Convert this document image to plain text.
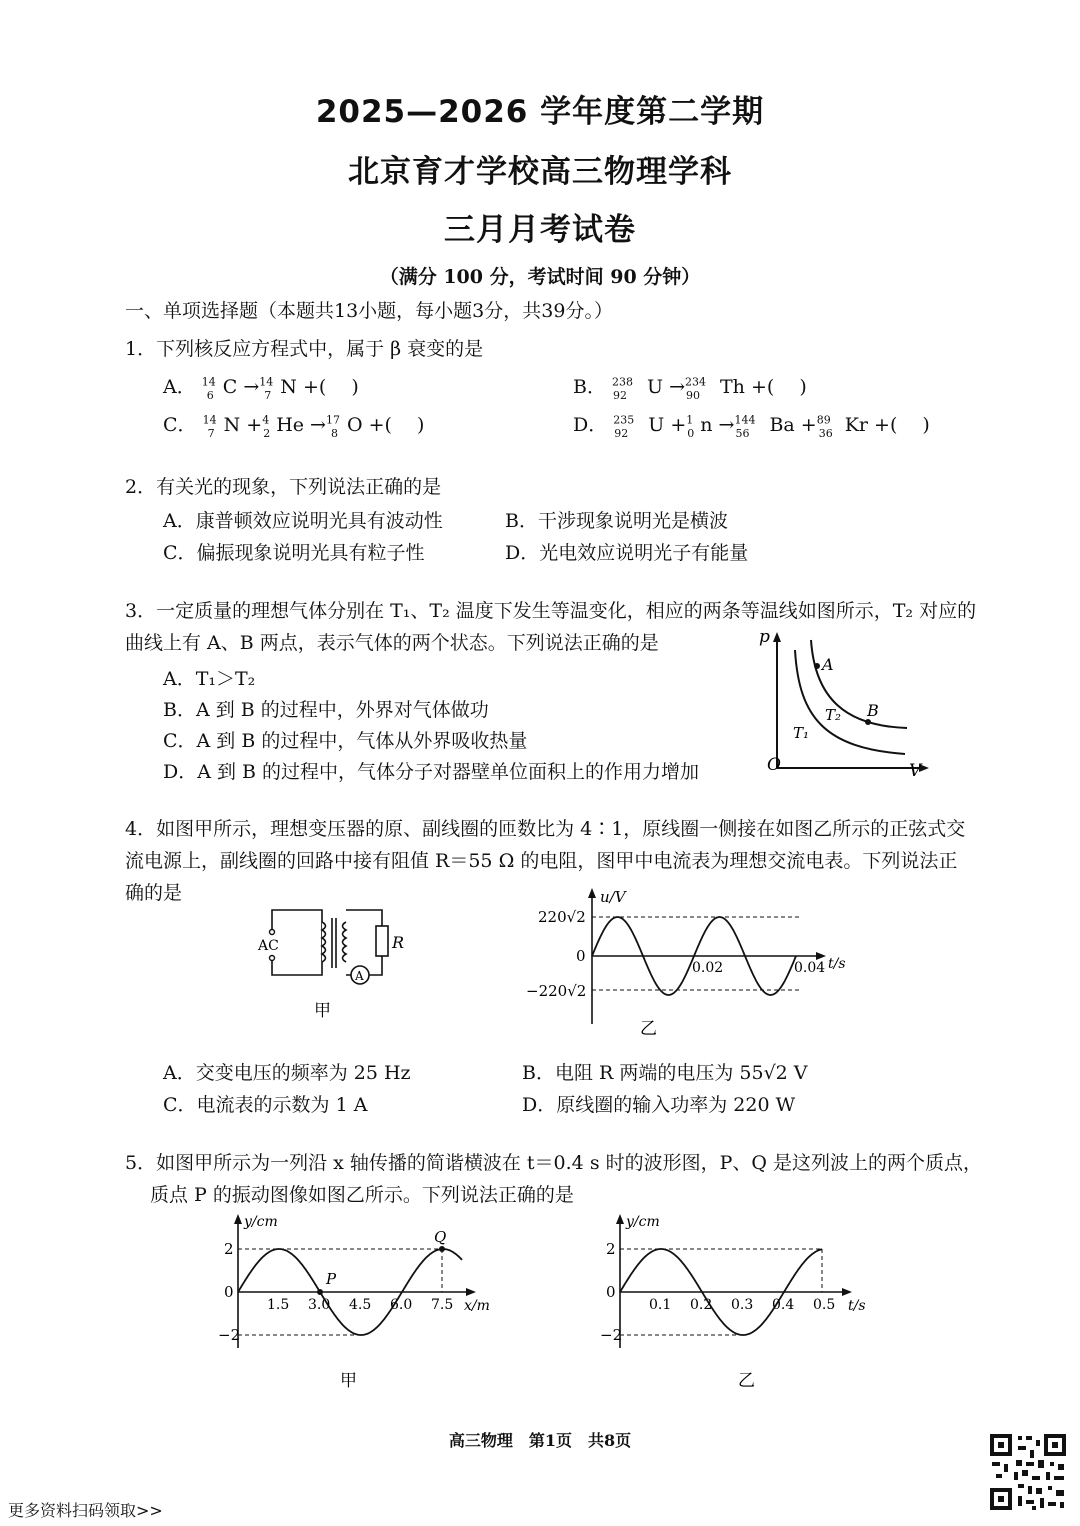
2025—2026 学年度第二学期
北京育才学校高三物理学科
三月月考试卷
（满分 100 分，考试时间 90 分钟）
一、单项选择题（本题共13小题，每小题3分，共39分。）
1．下列核反应方程式中，属于 β 衰变的是
A． $^{14}_6$ C →$^{14}_7$ N +(　 )	B． $^{238}_{92}$ U →$^{234}_{90}$ Th +(　 )
C． $^{14}_7$ N +$^4_2$ He →$^{17}_8$ O +(　 )	D． $^{235}_{92}$ U +$^1_0$ n →$^{144}_{56}$ Ba +$^{89}_{36}$ Kr +(　 )
2．有关光的现象，下列说法正确的是
A．康普顿效应说明光具有波动性	B．干涉现象说明光是横波
C．偏振现象说明光具有粒子性	D．光电效应说明光子有能量
3．一定质量的理想气体分别在 T₁、T₂ 温度下发生等温变化，相应的两条等温线如图所示，T₂ 对应的
曲线上有 A、B 两点，表示气体的两个状态。下列说法正确的是
A．T₁＞T₂
B．A 到 B 的过程中，外界对气体做功
C．A 到 B 的过程中，气体从外界吸收热量
D．A 到 B 的过程中，气体分子对器壁单位面积上的作用力增加
p
V
O
A
B
T₂
T₁
4．如图甲所示，理想变压器的原、副线圈的匝数比为 4∶1，原线圈一侧接在如图乙所示的正弦式交
流电源上，副线圈的回路中接有阻值 R＝55 Ω 的电阻，图甲中电流表为理想交流电表。下列说法正
确的是
AC	R
A
甲
u/V
t/s
220√2
−220√2
0
0.02	0.04
乙
A．交变电压的频率为 25 Hz	B．电阻 R 两端的电压为 55√2 V
C．电流表的示数为 1 A	D．原线圈的输入功率为 220 W
5．如图甲所示为一列沿 x 轴传播的简谐横波在 t＝0.4 s 时的波形图，P、Q 是这列波上的两个质点，
质点 P 的振动图像如图乙所示。下列说法正确的是
y/cm
x/m
2
0
−2
1.5 3.0 4.5 6.0 7.5
P
Q
甲
y/cm
t/s
2
0
−2
0.1 0.2 0.3 0.4 0.5
乙
高三物理　第1页　共8页
更多资料扫码领取>>
